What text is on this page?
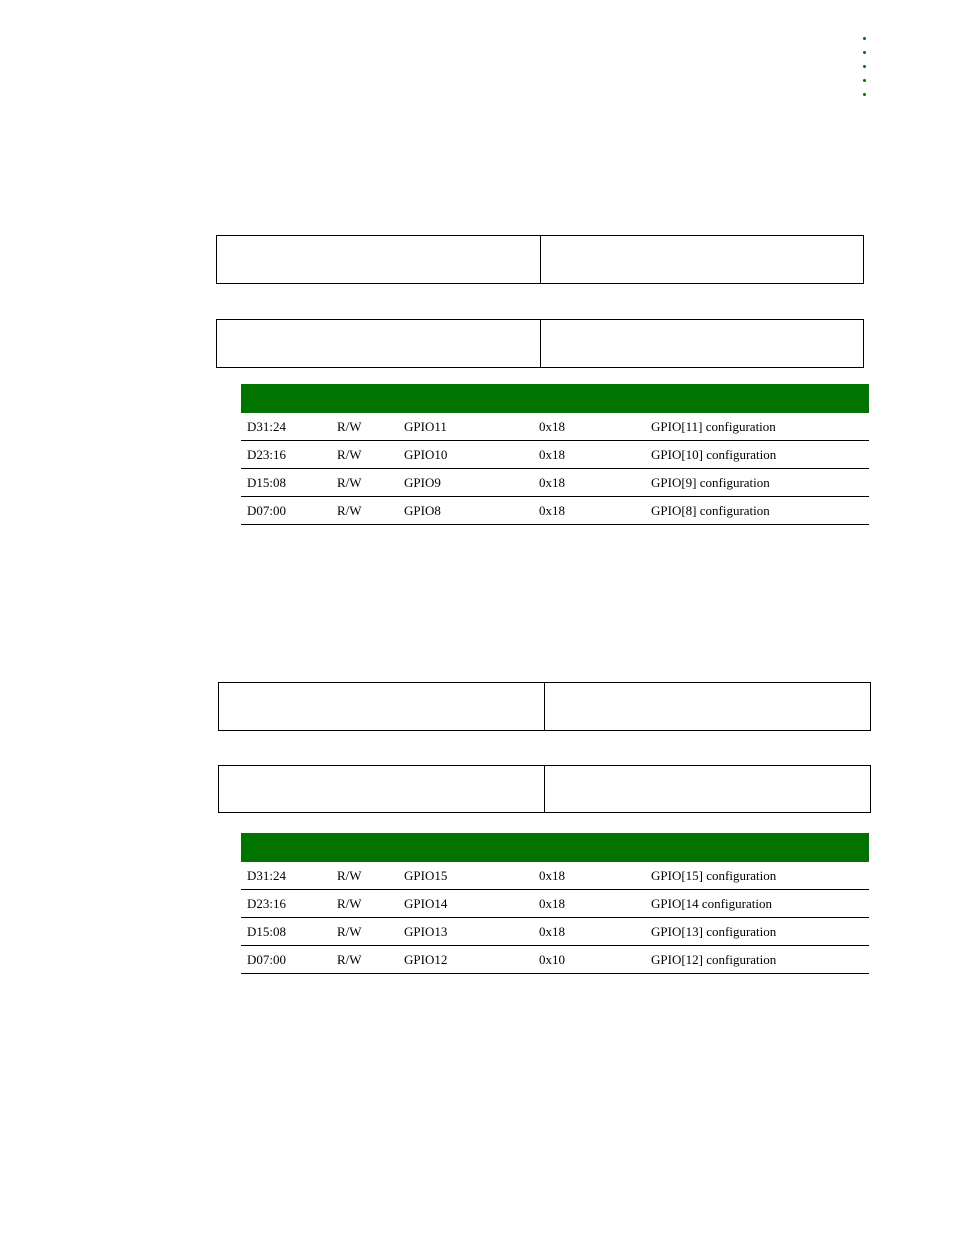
D31:24	R/W	GPIO11	0x18	GPIO[11] configuration
D23:16	R/W	GPIO10	0x18	GPIO[10] configuration
D15:08	R/W	GPIO9	0x18	GPIO[9] configuration
D07:00	R/W	GPIO8	0x18	GPIO[8] configuration

D31:24	R/W	GPIO15	0x18	GPIO[15] configuration
D23:16	R/W	GPIO14	0x18	GPIO[14 configuration
D15:08	R/W	GPIO13	0x18	GPIO[13] configuration
D07:00	R/W	GPIO12	0x10	GPIO[12] configuration
